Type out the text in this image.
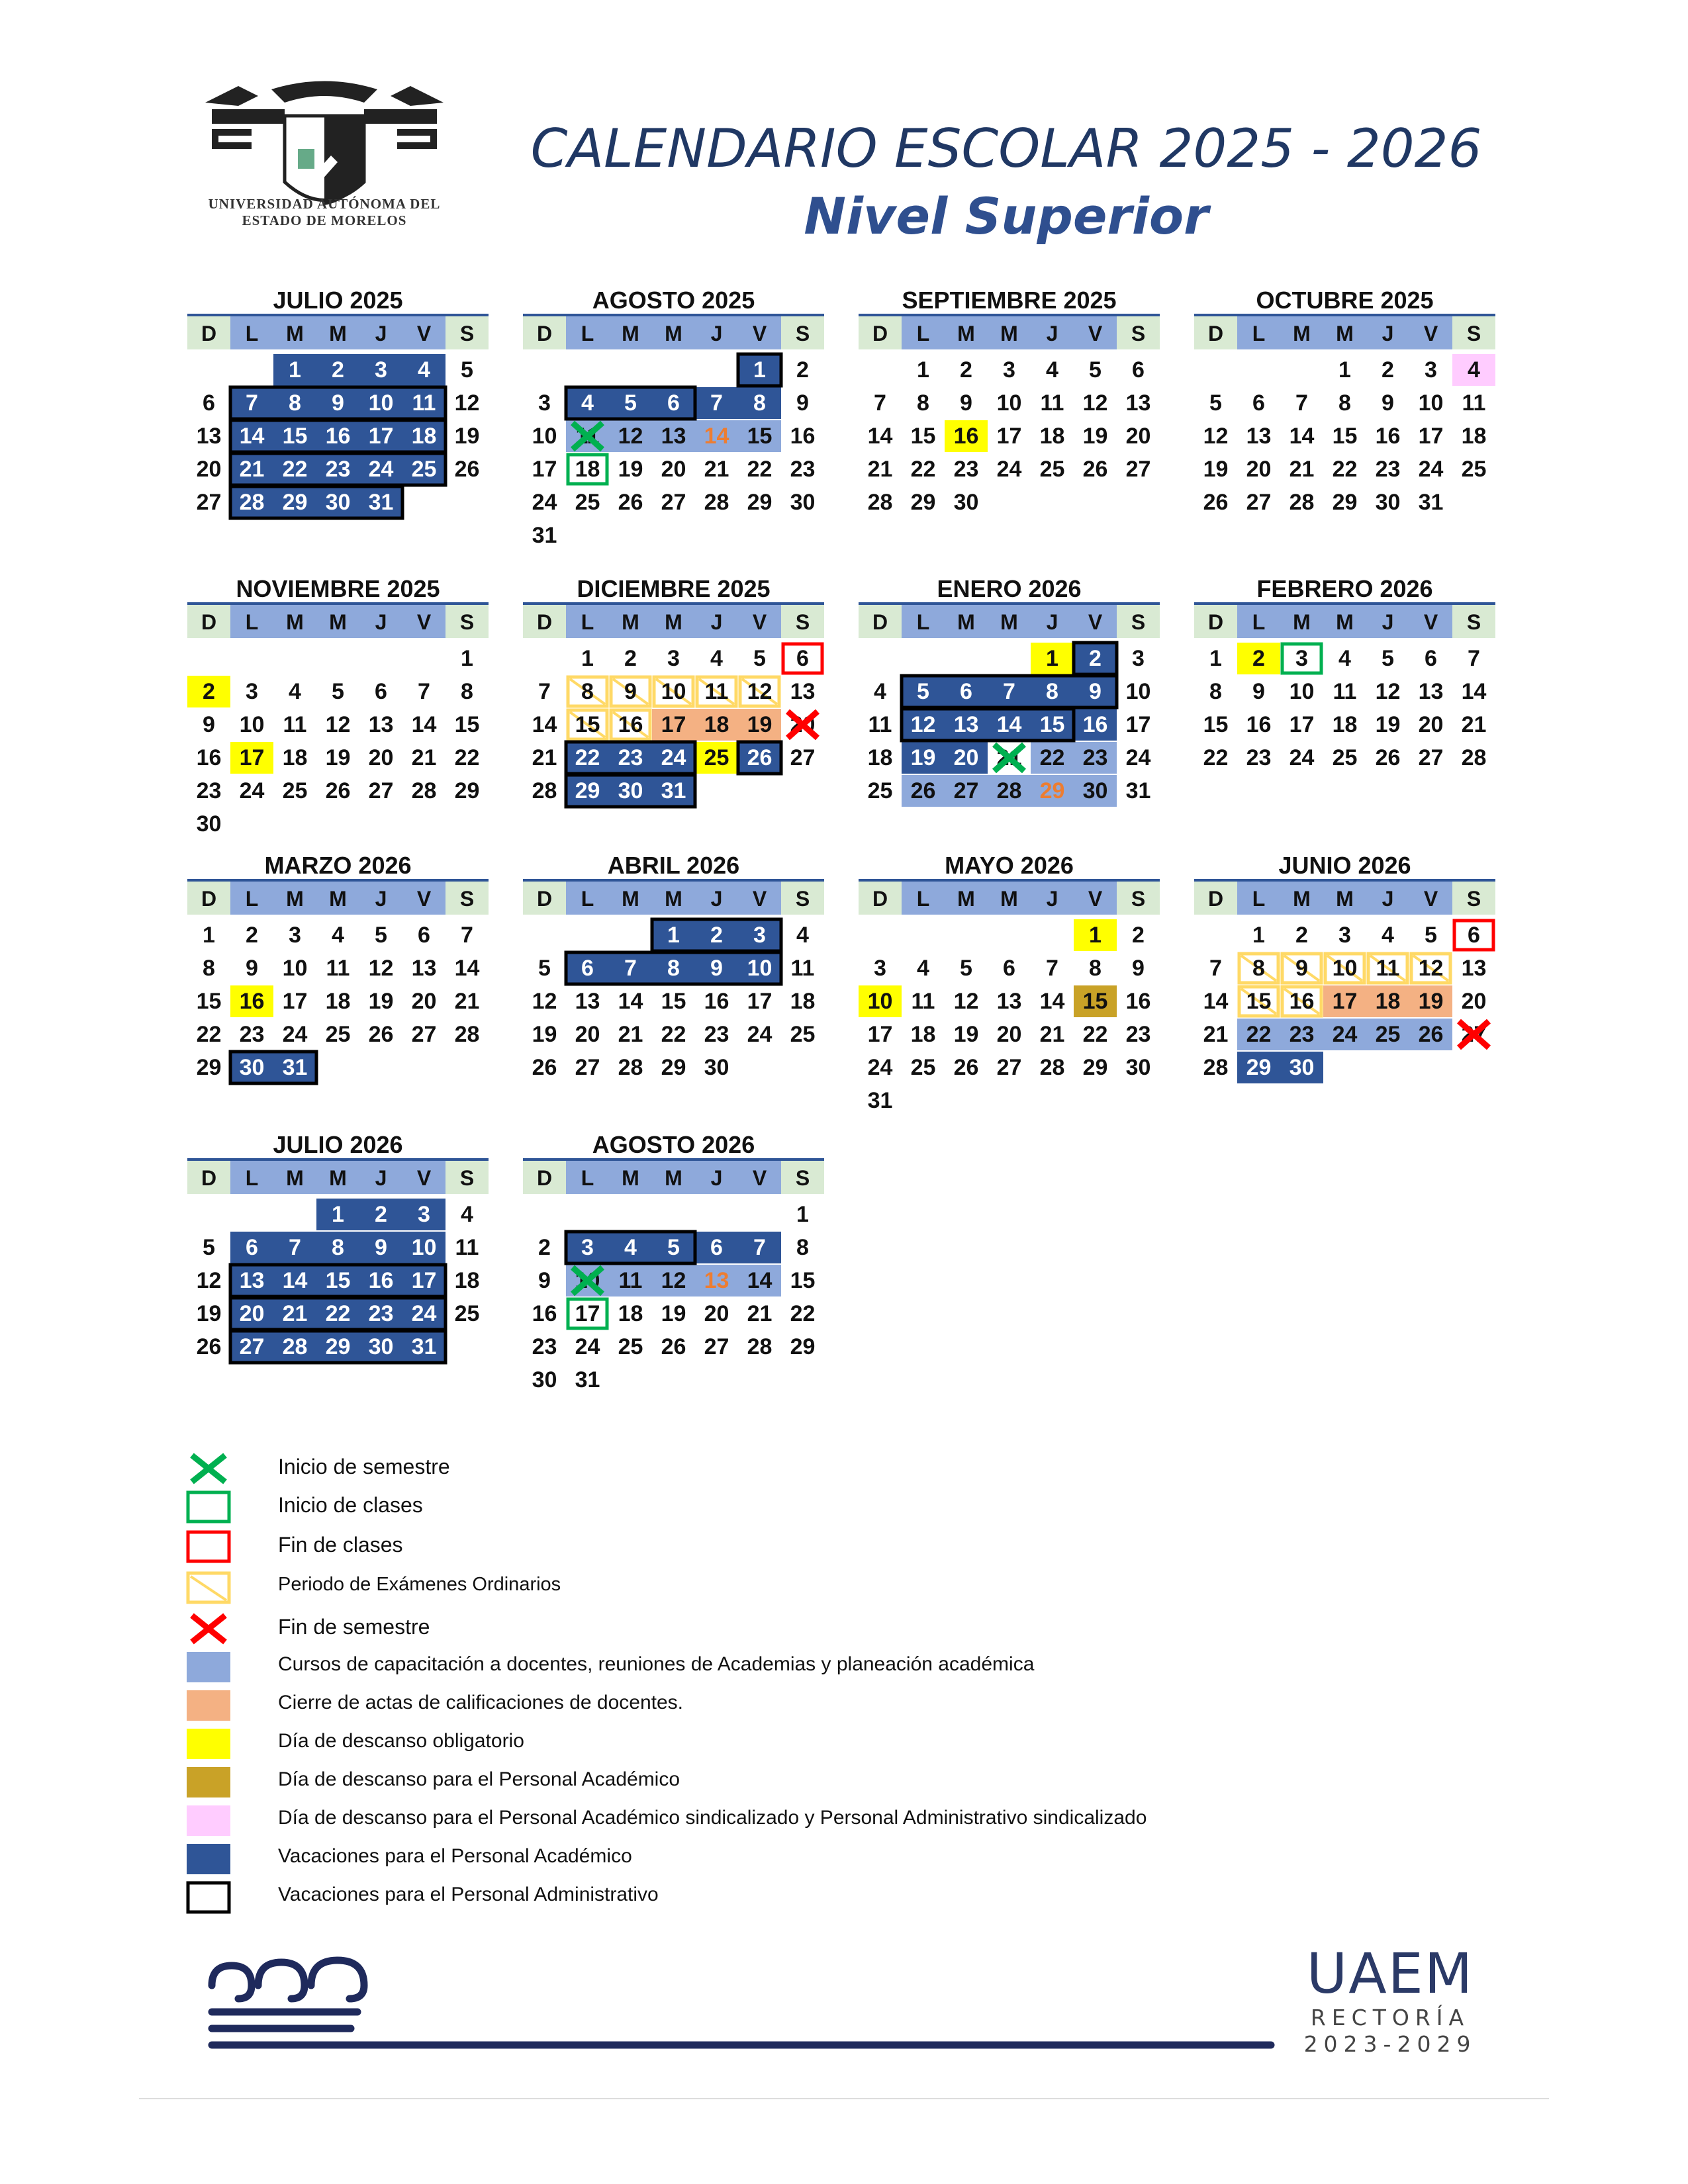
UNIVERSIDAD AUTÓNOMA DEL
ESTADO DE MORELOS
CALENDARIO ESCOLAR 2025 - 2026
Nivel Superior
JULIO 2025
D L M M J V S
1 2 3 4 5
6 7 8 9 10 11 12
13 14 15 16 17 18 19
20 21 22 23 24 25 26
27 28 29 30 31
AGOSTO 2025
D L M M J V S
1 2
3 4 5 6 7 8 9
10 11 12 13 14 15 16
17 18 19 20 21 22 23
24 25 26 27 28 29 30
31
SEPTIEMBRE 2025
D L M M J V S
1 2 3 4 5 6
7 8 9 10 11 12 13
14 15 16 17 18 19 20
21 22 23 24 25 26 27
28 29 30
OCTUBRE 2025
D L M M J V S
1 2 3 4
5 6 7 8 9 10 11
12 13 14 15 16 17 18
19 20 21 22 23 24 25
26 27 28 29 30 31
NOVIEMBRE 2025
D L M M J V S
1
2 3 4 5 6 7 8
9 10 11 12 13 14 15
16 17 18 19 20 21 22
23 24 25 26 27 28 29
30
DICIEMBRE 2025
D L M M J V S
1 2 3 4 5 6
7 8 9 10 11 12 13
14 15 16 17 18 19 20
21 22 23 24 25 26 27
28 29 30 31
ENERO 2026
D L M M J V S
1 2 3
4 5 6 7 8 9 10
11 12 13 14 15 16 17
18 19 20 21 22 23 24
25 26 27 28 29 30 31
FEBRERO 2026
D L M M J V S
1 2 3 4 5 6 7
8 9 10 11 12 13 14
15 16 17 18 19 20 21
22 23 24 25 26 27 28
MARZO 2026
D L M M J V S
1 2 3 4 5 6 7
8 9 10 11 12 13 14
15 16 17 18 19 20 21
22 23 24 25 26 27 28
29 30 31
ABRIL 2026
D L M M J V S
1 2 3 4
5 6 7 8 9 10 11
12 13 14 15 16 17 18
19 20 21 22 23 24 25
26 27 28 29 30
MAYO 2026
D L M M J V S
1 2
3 4 5 6 7 8 9
10 11 12 13 14 15 16
17 18 19 20 21 22 23
24 25 26 27 28 29 30
31
JUNIO 2026
D L M M J V S
1 2 3 4 5 6
7 8 9 10 11 12 13
14 15 16 17 18 19 20
21 22 23 24 25 26 27
28 29 30
JULIO 2026
D L M M J V S
1 2 3 4
5 6 7 8 9 10 11
12 13 14 15 16 17 18
19 20 21 22 23 24 25
26 27 28 29 30 31
AGOSTO 2026
D L M M J V S
1
2 3 4 5 6 7 8
9 10 11 12 13 14 15
16 17 18 19 20 21 22
23 24 25 26 27 28 29
30 31
Inicio de semestre
Inicio de clases
Fin de clases
Periodo de Exámenes Ordinarios
Fin de semestre
Cursos de capacitación a docentes, reuniones de Academias y planeación académica
Cierre de actas de calificaciones de docentes.
Día de descanso obligatorio
Día de descanso para el Personal Académico
Día de descanso para el Personal Académico sindicalizado y Personal Administrativo sindicalizado
Vacaciones para el Personal Académico
Vacaciones para el Personal Administrativo
UAEM
RECTORÍA
2023-2029
